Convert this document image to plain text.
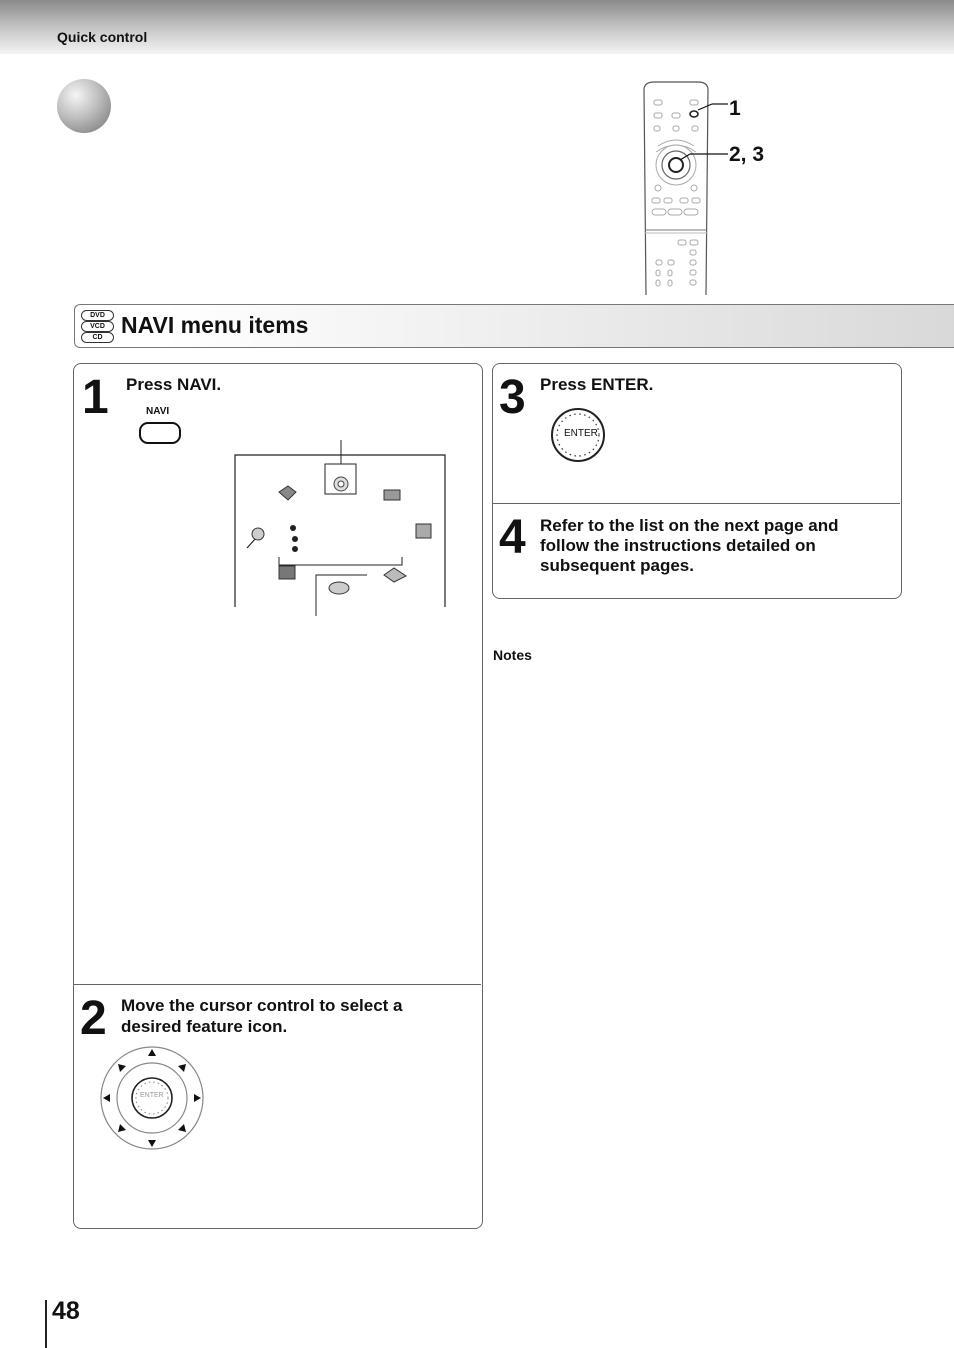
Quick control
1
2, 3
DVD
VCD
CD NAVI menu items
1 Press NAVI.
NAVI
2 Move the cursor control to select a
desired feature icon.
ENTER
3 Press ENTER.
ENTER
4 Refer to the list on the next page and
follow the instructions detailed on
subsequent pages.
Notes
48
